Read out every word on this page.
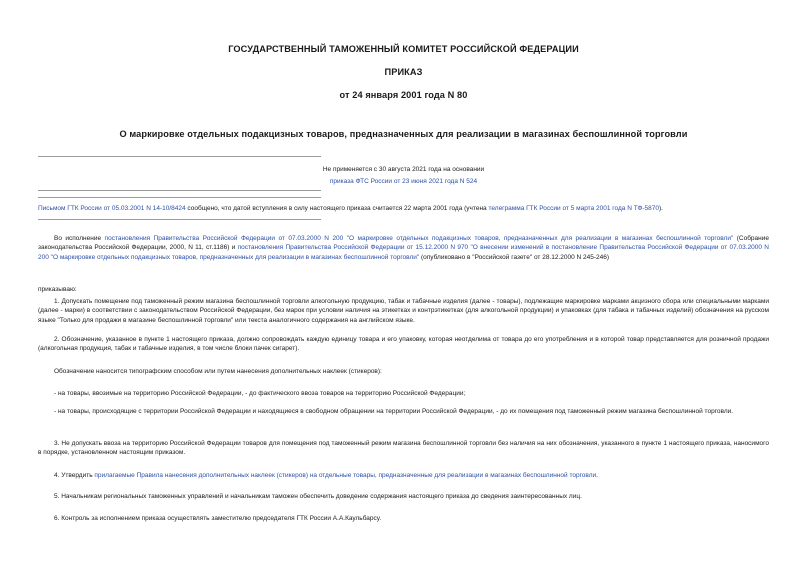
ГОСУДАРСТВЕННЫЙ ТАМОЖЕННЫЙ КОМИТЕТ РОССИЙСКОЙ ФЕДЕРАЦИИ
ПРИКАЗ
от 24 января 2001 года N 80
О маркировке отдельных подакцизных товаров, предназначенных для реализации в магазинах беспошлинной торговли
Не применяется с 30 августа 2021 года на основании
приказа ФТС России от 23 июня 2021 года N 524
Письмом ГТК России от 05.03.2001 N 14-10/8424 сообщено, что датой вступления в силу настоящего приказа считается 22 марта 2001 года (учтена телеграмма ГТК России от 5 марта 2001 года N ТФ-5870).
Во исполнение постановления Правительства Российской Федерации от 07.03.2000 N 200 "О маркировке отдельных подакцизных товаров, предназначенных для реализации в магазинах беспошлинной торговли" (Собрание законодательства Российской Федерации, 2000, N 11, ст.1186) и постановления Правительства Российской Федерации от 15.12.2000 N 970 "О внесении изменений в постановление Правительства Российской Федерации от 07.03.2000 N 200 "О маркировке отдельных подакцизных товаров, предназначенных для реализации в магазинах беспошлинной торговли" (опубликовано в "Российской газете" от 28.12.2000 N 245-246)
приказываю:
1. Допускать помещение под таможенный режим магазина беспошлинной торговли алкогольную продукцию, табак и табачные изделия (далее - товары), подлежащие маркировке марками акцизного сбора или специальными марками (далее - марки) в соответствии с законодательством Российской Федерации, без марок при условии наличия на этикетках и контрэтикетках (для алкогольной продукции) и упаковках (для табака и табачных изделий) обозначения на русском языке "Только для продажи в магазине беспошлинной торговли" или текста аналогичного содержания на английском языке.
2. Обозначение, указанное в пункте 1 настоящего приказа, должно сопровождать каждую единицу товара и его упаковку, которая неотделима от товара до его употребления и в которой товар представляется для розничной продажи (алкогольная продукция, табак и табачные изделия, в том числе блоки пачек сигарет).
Обозначение наносится типографским способом или путем нанесения дополнительных наклеек (стикеров):
- на товары, ввозимые на территорию Российской Федерации, - до фактического ввоза товаров на территорию Российской Федерации;
- на товары, происходящие с территории Российской Федерации и находящиеся в свободном обращении на территории Российской Федерации, - до их помещения под таможенный режим магазина беспошлинной торговли.
3. Не допускать ввоза на территорию Российской Федерации товаров для помещения под таможенный режим магазина беспошлинной торговли без наличия на них обозначения, указанного в пункте 1 настоящего приказа, наносимого в порядке, установленном настоящим приказом.
4. Утвердить прилагаемые Правила нанесения дополнительных наклеек (стикеров) на отдельные товары, предназначенные для реализации в магазинах беспошлинной торговли.
5. Начальникам региональных таможенных управлений и начальникам таможен обеспечить доведение содержания настоящего приказа до сведения заинтересованных лиц.
6. Контроль за исполнением приказа осуществлять заместителю председателя ГТК России А.А.Каульбарсу.
